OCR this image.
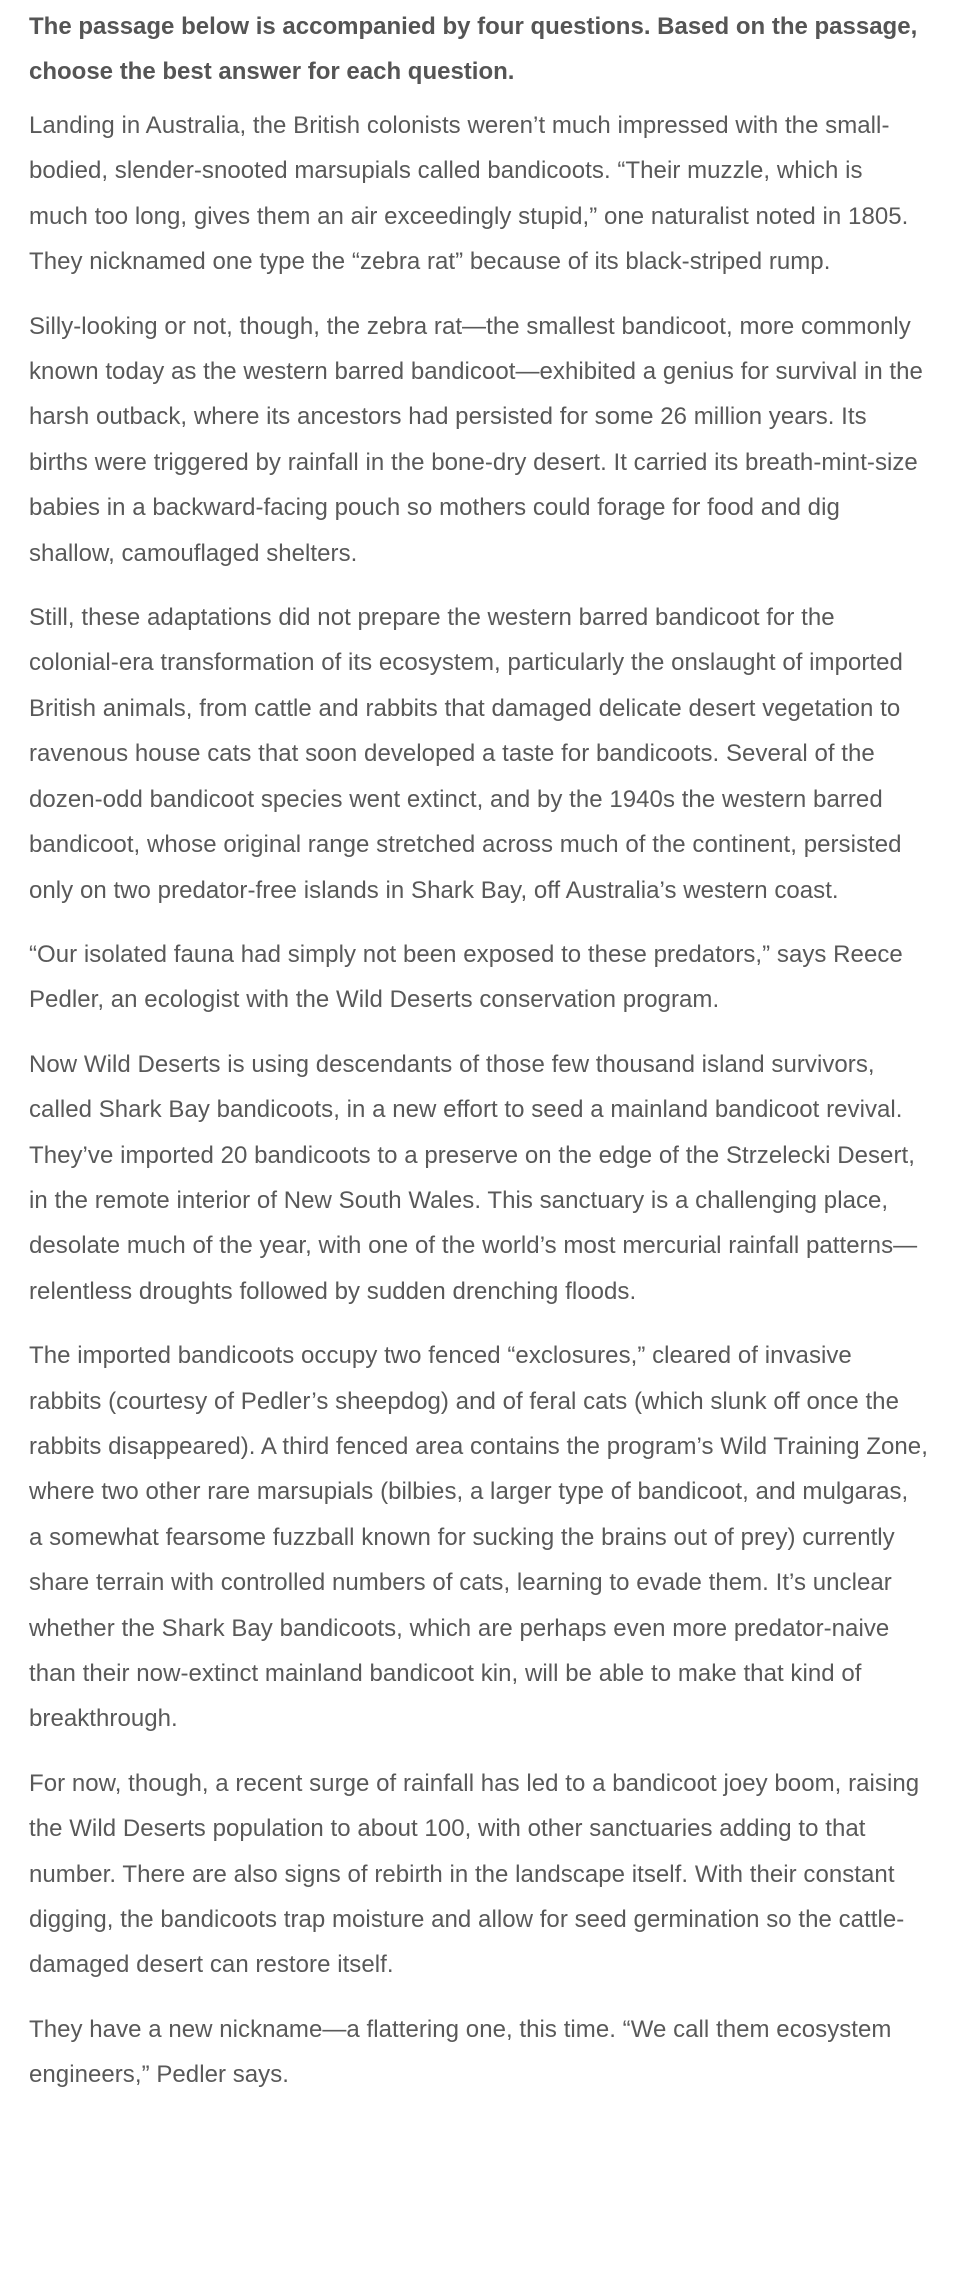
The passage below is accompanied by four questions. Based on the passage, choose the best answer for each question.

Landing in Australia, the British colonists weren’t much impressed with the small-bodied, slender-snooted marsupials called bandicoots. “Their muzzle, which is much too long, gives them an air exceedingly stupid,” one naturalist noted in 1805. They nicknamed one type the “zebra rat” because of its black-striped rump.

Silly-looking or not, though, the zebra rat—the smallest bandicoot, more commonly known today as the western barred bandicoot—exhibited a genius for survival in the harsh outback, where its ancestors had persisted for some 26 million years. Its births were triggered by rainfall in the bone-dry desert. It carried its breath-mint-size babies in a backward-facing pouch so mothers could forage for food and dig shallow, camouflaged shelters.

Still, these adaptations did not prepare the western barred bandicoot for the colonial-era transformation of its ecosystem, particularly the onslaught of imported British animals, from cattle and rabbits that damaged delicate desert vegetation to ravenous house cats that soon developed a taste for bandicoots. Several of the dozen-odd bandicoot species went extinct, and by the 1940s the western barred bandicoot, whose original range stretched across much of the continent, persisted only on two predator-free islands in Shark Bay, off Australia’s western coast.

“Our isolated fauna had simply not been exposed to these predators,” says Reece Pedler, an ecologist with the Wild Deserts conservation program.

Now Wild Deserts is using descendants of those few thousand island survivors, called Shark Bay bandicoots, in a new effort to seed a mainland bandicoot revival. They’ve imported 20 bandicoots to a preserve on the edge of the Strzelecki Desert, in the remote interior of New South Wales. This sanctuary is a challenging place, desolate much of the year, with one of the world’s most mercurial rainfall patterns—relentless droughts followed by sudden drenching floods.

The imported bandicoots occupy two fenced “exclosures,” cleared of invasive rabbits (courtesy of Pedler’s sheepdog) and of feral cats (which slunk off once the rabbits disappeared). A third fenced area contains the program’s Wild Training Zone, where two other rare marsupials (bilbies, a larger type of bandicoot, and mulgaras, a somewhat fearsome fuzzball known for sucking the brains out of prey) currently share terrain with controlled numbers of cats, learning to evade them. It’s unclear whether the Shark Bay bandicoots, which are perhaps even more predator-naive than their now-extinct mainland bandicoot kin, will be able to make that kind of breakthrough.

For now, though, a recent surge of rainfall has led to a bandicoot joey boom, raising the Wild Deserts population to about 100, with other sanctuaries adding to that number. There are also signs of rebirth in the landscape itself. With their constant digging, the bandicoots trap moisture and allow for seed germination so the cattle-damaged desert can restore itself.

They have a new nickname—a flattering one, this time. “We call them ecosystem engineers,” Pedler says.
